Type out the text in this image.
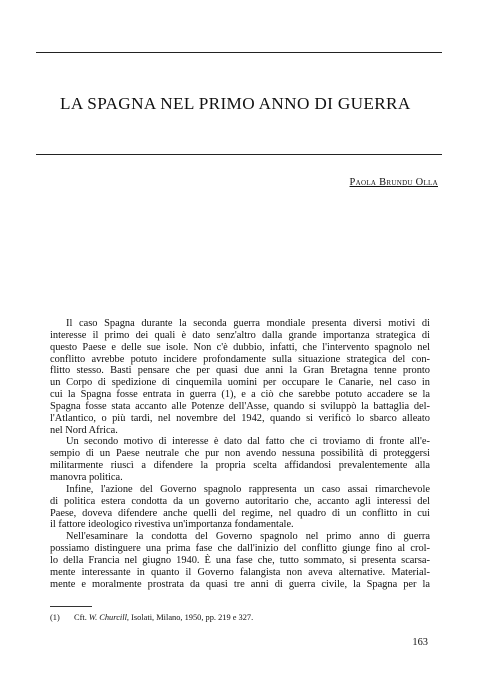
LA SPAGNA NEL PRIMO ANNO DI GUERRA
Paola Brundu Olla
Il caso Spagna durante la seconda guerra mondiale presenta diversi motivi di
interesse il primo dei quali è dato senz'altro dalla grande importanza strategica di
questo Paese e delle sue isole. Non c'è dubbio, infatti, che l'intervento spagnolo nel
conflitto avrebbe potuto incidere profondamente sulla situazione strategica del con-
flitto stesso. Basti pensare che per quasi due anni la Gran Bretagna tenne pronto
un Corpo di spedizione di cinquemila uomini per occupare le Canarie, nel caso in
cui la Spagna fosse entrata in guerra (1), e a ciò che sarebbe potuto accadere se la
Spagna fosse stata accanto alle Potenze dell'Asse, quando si sviluppò la battaglia del-
l'Atlantico, o più tardi, nel novembre del 1942, quando si verificò lo sbarco alleato
nel Nord Africa.
Un secondo motivo di interesse è dato dal fatto che ci troviamo di fronte all'e-
sempio di un Paese neutrale che pur non avendo nessuna possibilità di proteggersi
militarmente riuscì a difendere la propria scelta affidandosi prevalentemente alla
manovra politica.
Infine, l'azione del Governo spagnolo rappresenta un caso assai rimarchevole
di politica estera condotta da un governo autoritario che, accanto agli interessi del
Paese, doveva difendere anche quelli del regime, nel quadro di un conflitto in cui
il fattore ideologico rivestiva un'importanza fondamentale.
Nell'esaminare la condotta del Governo spagnolo nel primo anno di guerra
possiamo distinguere una prima fase che dall'inizio del conflitto giunge fino al crol-
lo della Francia nel giugno 1940. È una fase che, tutto sommato, si presenta scarsa-
mente interessante in quanto il Governo falangista non aveva alternative. Material-
mente e moralmente prostrata da quasi tre anni di guerra civile, la Spagna per la
(1) Cft. W. Churcill, Isolati, Milano, 1950, pp. 219 e 327.
163
